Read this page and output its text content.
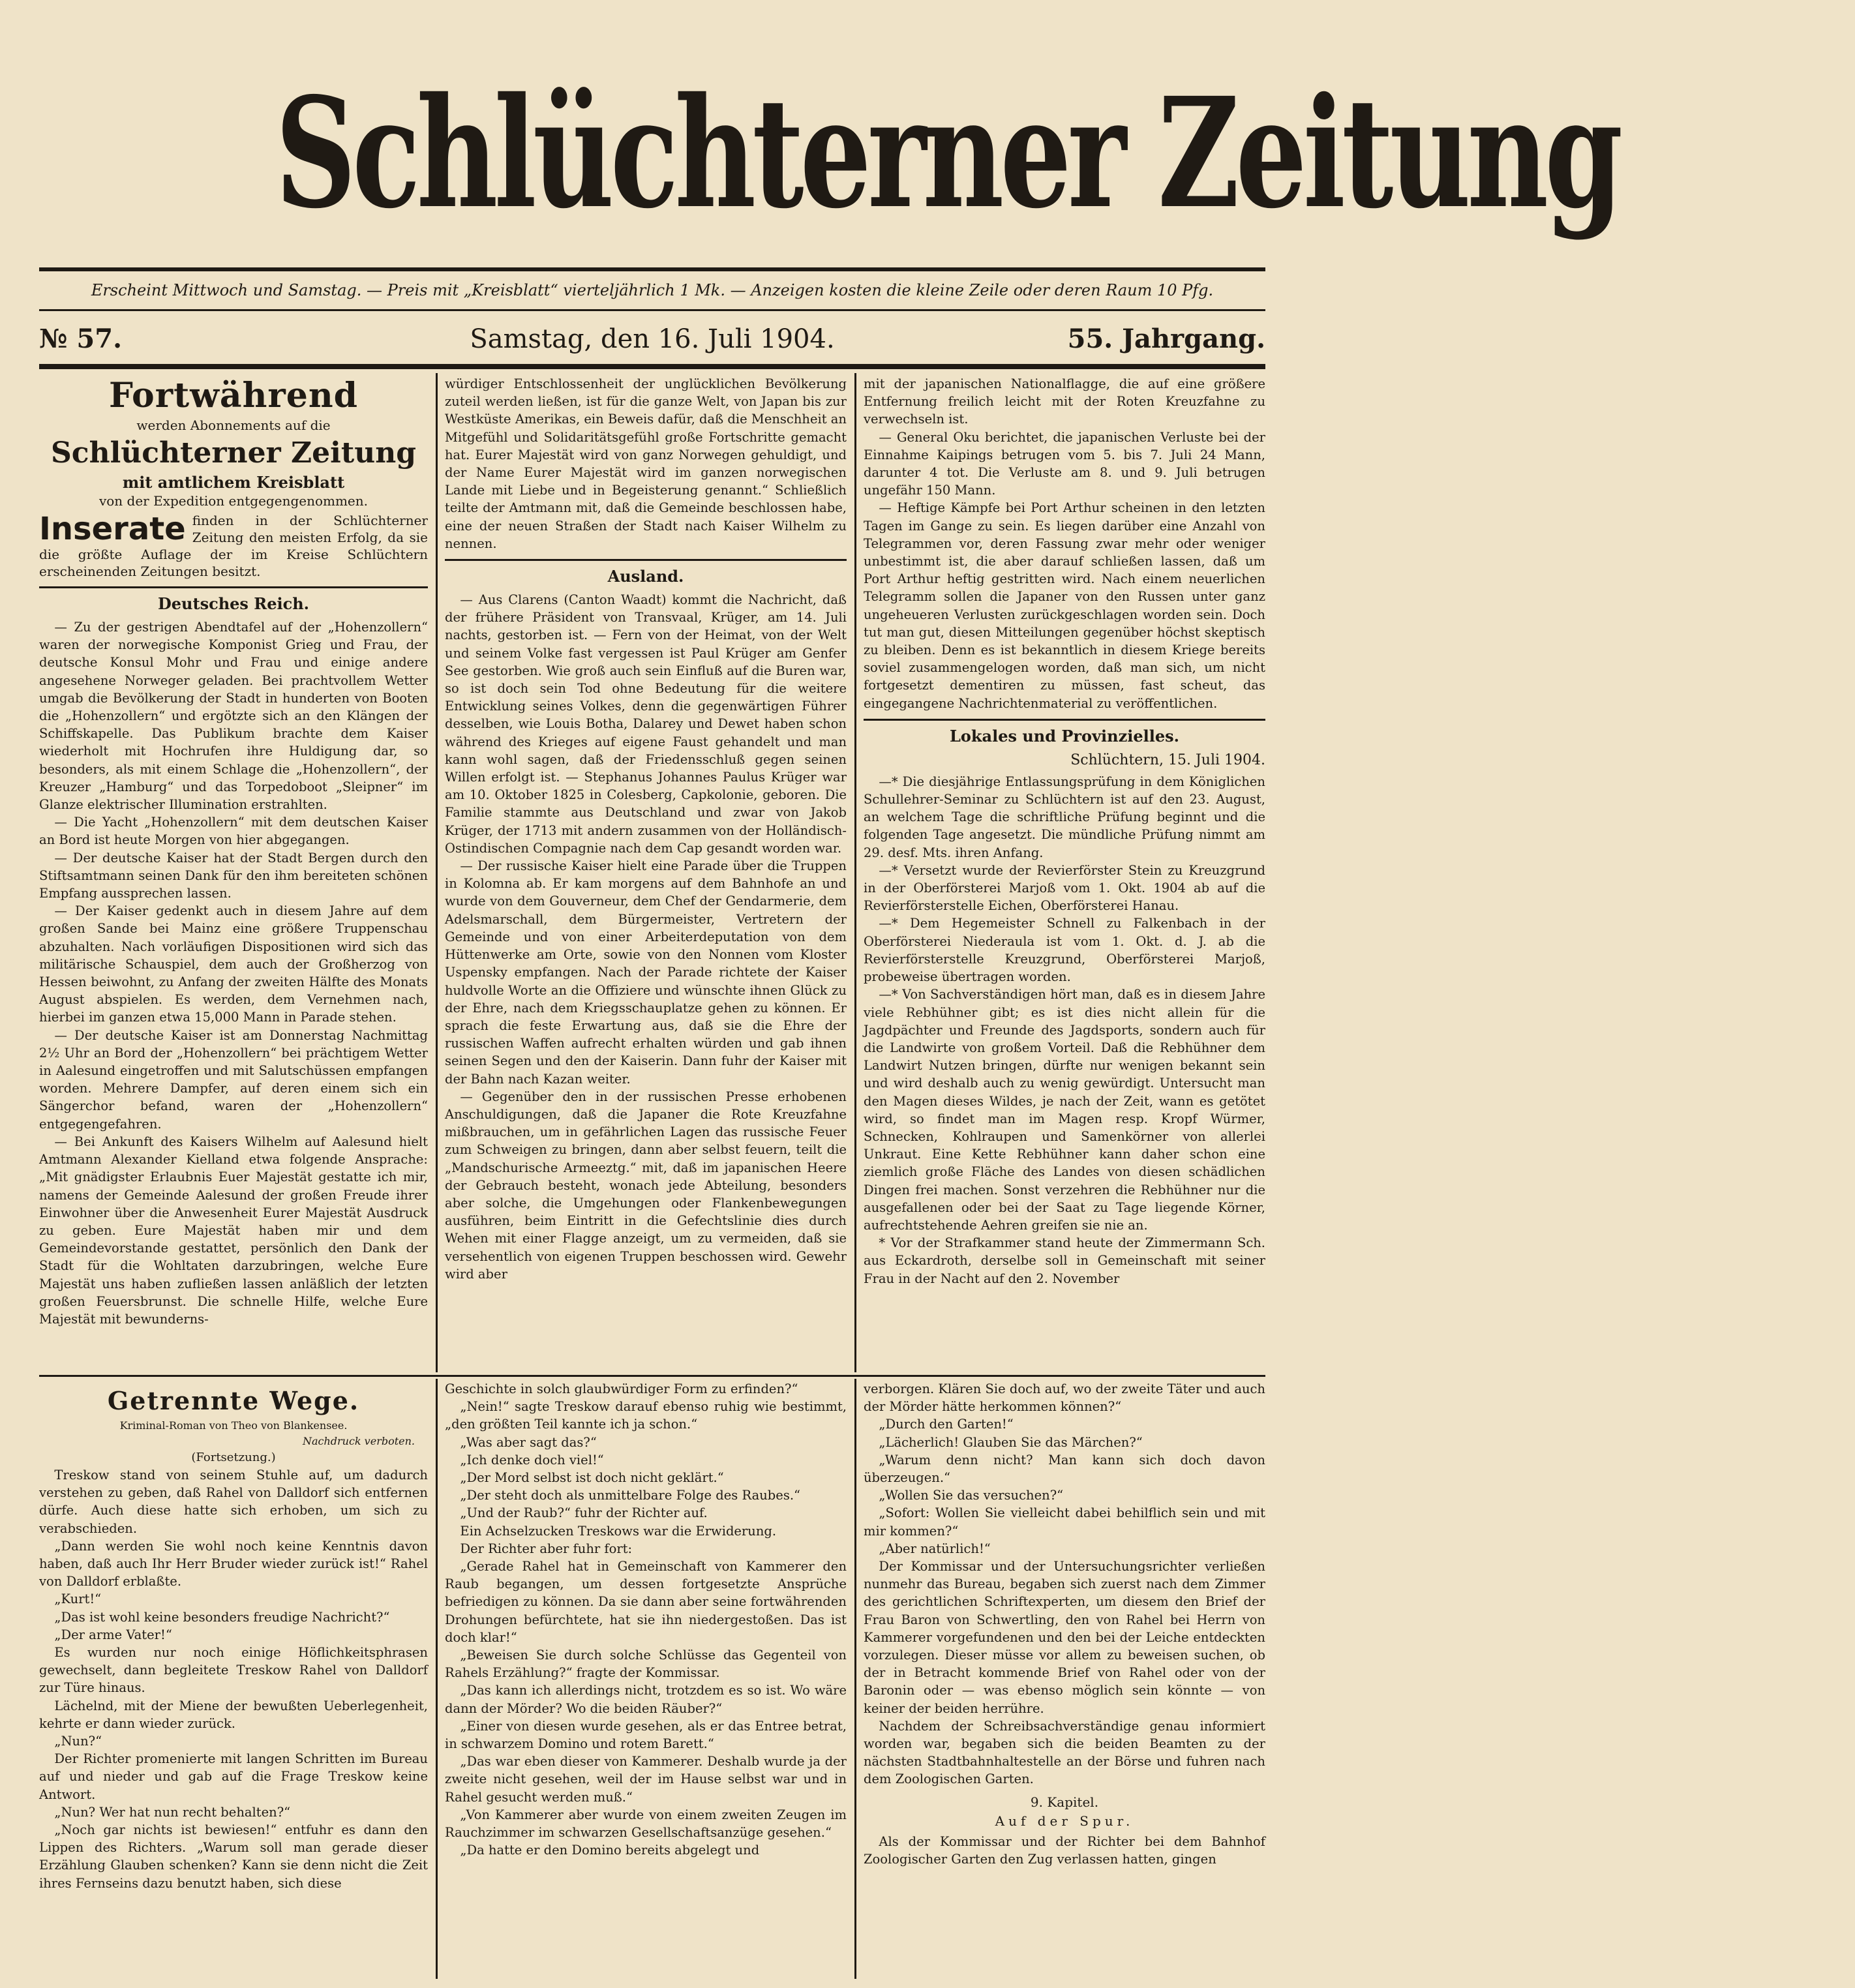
Schlüchterner Zeitung
Erscheint Mittwoch und Samstag. — Preis mit „Kreisblatt“ vierteljährlich 1 Mk. — Anzeigen kosten die kleine Zeile oder deren Raum 10 Pfg.
№ 57.	Samstag, den 16. Juli 1904.	55. Jahrgang.

Fortwährend

werden Abonnements auf die

Schlüchterner Zeitung

mit amtlichem Kreisblatt

von der Expedition entgegengenommen.

Inserate finden in der Schlüchterner Zeitung den meisten Erfolg, da sie die größte Auflage der im Kreise Schlüchtern erscheinenden Zeitungen besitzt.

Deutsches Reich.

— Zu der gestrigen Abendtafel auf der „Hohenzollern“ waren der norwegische Komponist Grieg und Frau, der deutsche Konsul Mohr und Frau und einige andere angesehene Norweger geladen. Bei prachtvollem Wetter umgab die Bevölkerung der Stadt in hunderten von Booten die „Hohenzollern“ und ergötzte sich an den Klängen der Schiffskapelle. Das Publikum brachte dem Kaiser wiederholt mit Hochrufen ihre Huldigung dar, so besonders, als mit einem Schlage die „Hohenzollern“, der Kreuzer „Hamburg“ und das Torpedoboot „Sleipner“ im Glanze elektrischer Illumination erstrahlten.

— Die Yacht „Hohenzollern“ mit dem deutschen Kaiser an Bord ist heute Morgen von hier abgegangen.

— Der deutsche Kaiser hat der Stadt Bergen durch den Stiftsamtmann seinen Dank für den ihm bereiteten schönen Empfang aussprechen lassen.

— Der Kaiser gedenkt auch in diesem Jahre auf dem großen Sande bei Mainz eine größere Truppenschau abzuhalten. Nach vorläufigen Dispositionen wird sich das militärische Schauspiel, dem auch der Großherzog von Hessen beiwohnt, zu Anfang der zweiten Hälfte des Monats August abspielen. Es werden, dem Vernehmen nach, hierbei im ganzen etwa 15,000 Mann in Parade stehen.

— Der deutsche Kaiser ist am Donnerstag Nachmittag 2½ Uhr an Bord der „Hohenzollern“ bei prächtigem Wetter in Aalesund eingetroffen und mit Salutschüssen empfangen worden. Mehrere Dampfer, auf deren einem sich ein Sängerchor befand, waren der „Hohenzollern“ entgegengefahren.

— Bei Ankunft des Kaisers Wilhelm auf Aalesund hielt Amtmann Alexander Kielland etwa folgende Ansprache: „Mit gnädigster Erlaubnis Euer Majestät gestatte ich mir, namens der Gemeinde Aalesund der großen Freude ihrer Einwohner über die Anwesenheit Eurer Majestät Ausdruck zu geben. Eure Majestät haben mir und dem Gemeindevorstande gestattet, persönlich den Dank der Stadt für die Wohltaten darzubringen, welche Eure Majestät uns haben zufließen lassen anläßlich der letzten großen Feuersbrunst. Die schnelle Hilfe, welche Eure Majestät mit bewunderns-

würdiger Entschlossenheit der unglücklichen Bevölkerung zuteil werden ließen, ist für die ganze Welt, von Japan bis zur Westküste Amerikas, ein Beweis dafür, daß die Menschheit an Mitgefühl und Solidaritätsgefühl große Fortschritte gemacht hat. Eurer Majestät wird von ganz Norwegen gehuldigt, und der Name Eurer Majestät wird im ganzen norwegischen Lande mit Liebe und in Begeisterung genannt.“ Schließlich teilte der Amtmann mit, daß die Gemeinde beschlossen habe, eine der neuen Straßen der Stadt nach Kaiser Wilhelm zu nennen.

Ausland.

— Aus Clarens (Canton Waadt) kommt die Nachricht, daß der frühere Präsident von Transvaal, Krüger, am 14. Juli nachts, gestorben ist. — Fern von der Heimat, von der Welt und seinem Volke fast vergessen ist Paul Krüger am Genfer See gestorben. Wie groß auch sein Einfluß auf die Buren war, so ist doch sein Tod ohne Bedeutung für die weitere Entwicklung seines Volkes, denn die gegenwärtigen Führer desselben, wie Louis Botha, Dalarey und Dewet haben schon während des Krieges auf eigene Faust gehandelt und man kann wohl sagen, daß der Friedensschluß gegen seinen Willen erfolgt ist. — Stephanus Johannes Paulus Krüger war am 10. Oktober 1825 in Colesberg, Capkolonie, geboren. Die Familie stammte aus Deutschland und zwar von Jakob Krüger, der 1713 mit andern zusammen von der Holländisch-Ostindischen Compagnie nach dem Cap gesandt worden war.

— Der russische Kaiser hielt eine Parade über die Truppen in Kolomna ab. Er kam morgens auf dem Bahnhofe an und wurde von dem Gouverneur, dem Chef der Gendarmerie, dem Adelsmarschall, dem Bürgermeister, Vertretern der Gemeinde und von einer Arbeiterdeputation von dem Hüttenwerke am Orte, sowie von den Nonnen vom Kloster Uspensky empfangen. Nach der Parade richtete der Kaiser huldvolle Worte an die Offiziere und wünschte ihnen Glück zu der Ehre, nach dem Kriegsschauplatze gehen zu können. Er sprach die feste Erwartung aus, daß sie die Ehre der russischen Waffen aufrecht erhalten würden und gab ihnen seinen Segen und den der Kaiserin. Dann fuhr der Kaiser mit der Bahn nach Kazan weiter.

— Gegenüber den in der russischen Presse erhobenen Anschuldigungen, daß die Japaner die Rote Kreuzfahne mißbrauchen, um in gefährlichen Lagen das russische Feuer zum Schweigen zu bringen, dann aber selbst feuern, teilt die „Mandschurische Armeeztg.“ mit, daß im japanischen Heere der Gebrauch besteht, wonach jede Abteilung, besonders aber solche, die Umgehungen oder Flankenbewegungen ausführen, beim Eintritt in die Gefechtslinie dies durch Wehen mit einer Flagge anzeigt, um zu vermeiden, daß sie versehentlich von eigenen Truppen beschossen wird. Gewehr wird aber

mit der japanischen Nationalflagge, die auf eine größere Entfernung freilich leicht mit der Roten Kreuzfahne zu verwechseln ist.

— General Oku berichtet, die japanischen Verluste bei der Einnahme Kaipings betrugen vom 5. bis 7. Juli 24 Mann, darunter 4 tot. Die Verluste am 8. und 9. Juli betrugen ungefähr 150 Mann.

— Heftige Kämpfe bei Port Arthur scheinen in den letzten Tagen im Gange zu sein. Es liegen darüber eine Anzahl von Telegrammen vor, deren Fassung zwar mehr oder weniger unbestimmt ist, die aber darauf schließen lassen, daß um Port Arthur heftig gestritten wird. Nach einem neuerlichen Telegramm sollen die Japaner von den Russen unter ganz ungeheueren Verlusten zurückgeschlagen worden sein. Doch tut man gut, diesen Mitteilungen gegenüber höchst skeptisch zu bleiben. Denn es ist bekanntlich in diesem Kriege bereits soviel zusammengelogen worden, daß man sich, um nicht fortgesetzt dementiren zu müssen, fast scheut, das eingegangene Nachrichtenmaterial zu veröffentlichen.

Lokales und Provinzielles.

Schlüchtern, 15. Juli 1904.

—* Die diesjährige Entlassungsprüfung in dem Königlichen Schullehrer-Seminar zu Schlüchtern ist auf den 23. August, an welchem Tage die schriftliche Prüfung beginnt und die folgenden Tage angesetzt. Die mündliche Prüfung nimmt am 29. desf. Mts. ihren Anfang.

—* Versetzt wurde der Revierförster Stein zu Kreuzgrund in der Oberförsterei Marjoß vom 1. Okt. 1904 ab auf die Revierförsterstelle Eichen, Oberförsterei Hanau.

—* Dem Hegemeister Schnell zu Falkenbach in der Oberförsterei Niederaula ist vom 1. Okt. d. J. ab die Revierförsterstelle Kreuzgrund, Oberförsterei Marjoß, probeweise übertragen worden.

—* Von Sachverständigen hört man, daß es in diesem Jahre viele Rebhühner gibt; es ist dies nicht allein für die Jagdpächter und Freunde des Jagdsports, sondern auch für die Landwirte von großem Vorteil. Daß die Rebhühner dem Landwirt Nutzen bringen, dürfte nur wenigen bekannt sein und wird deshalb auch zu wenig gewürdigt. Untersucht man den Magen dieses Wildes, je nach der Zeit, wann es getötet wird, so findet man im Magen resp. Kropf Würmer, Schnecken, Kohlraupen und Samenkörner von allerlei Unkraut. Eine Kette Rebhühner kann daher schon eine ziemlich große Fläche des Landes von diesen schädlichen Dingen frei machen. Sonst verzehren die Rebhühner nur die ausgefallenen oder bei der Saat zu Tage liegende Körner, aufrechtstehende Aehren greifen sie nie an.

* Vor der Strafkammer stand heute der Zimmermann Sch. aus Eckardroth, derselbe soll in Gemeinschaft mit seiner Frau in der Nacht auf den 2. November

Getrennte Wege.

Kriminal-Roman von Theo von Blankensee.

Nachdruck verboten.

(Fortsetzung.)

Treskow stand von seinem Stuhle auf, um dadurch verstehen zu geben, daß Rahel von Dalldorf sich entfernen dürfe. Auch diese hatte sich erhoben, um sich zu verabschieden.

„Dann werden Sie wohl noch keine Kenntnis davon haben, daß auch Ihr Herr Bruder wieder zurück ist!“ Rahel von Dalldorf erblaßte.

„Kurt!“

„Das ist wohl keine besonders freudige Nachricht?“

„Der arme Vater!“

Es wurden nur noch einige Höflichkeitsphrasen gewechselt, dann begleitete Treskow Rahel von Dalldorf zur Türe hinaus.

Lächelnd, mit der Miene der bewußten Ueberlegenheit, kehrte er dann wieder zurück.

„Nun?“

Der Richter promenierte mit langen Schritten im Bureau auf und nieder und gab auf die Frage Treskow keine Antwort.

„Nun? Wer hat nun recht behalten?“

„Noch gar nichts ist bewiesen!“ entfuhr es dann den Lippen des Richters. „Warum soll man gerade dieser Erzählung Glauben schenken? Kann sie denn nicht die Zeit ihres Fernseins dazu benutzt haben, sich diese

Geschichte in solch glaubwürdiger Form zu erfinden?“

„Nein!“ sagte Treskow darauf ebenso ruhig wie bestimmt, „den größten Teil kannte ich ja schon.“

„Was aber sagt das?“

„Ich denke doch viel!“

„Der Mord selbst ist doch nicht geklärt.“

„Der steht doch als unmittelbare Folge des Raubes.“

„Und der Raub?“ fuhr der Richter auf.

Ein Achselzucken Treskows war die Erwiderung.

Der Richter aber fuhr fort:

„Gerade Rahel hat in Gemeinschaft von Kammerer den Raub begangen, um dessen fortgesetzte Ansprüche befriedigen zu können. Da sie dann aber seine fortwährenden Drohungen befürchtete, hat sie ihn niedergestoßen. Das ist doch klar!“

„Beweisen Sie durch solche Schlüsse das Gegenteil von Rahels Erzählung?“ fragte der Kommissar.

„Das kann ich allerdings nicht, trotzdem es so ist. Wo wäre dann der Mörder? Wo die beiden Räuber?“

„Einer von diesen wurde gesehen, als er das Entree betrat, in schwarzem Domino und rotem Barett.“

„Das war eben dieser von Kammerer. Deshalb wurde ja der zweite nicht gesehen, weil der im Hause selbst war und in Rahel gesucht werden muß.“

„Von Kammerer aber wurde von einem zweiten Zeugen im Rauchzimmer im schwarzen Gesellschaftsanzüge gesehen.“

„Da hatte er den Domino bereits abgelegt und

verborgen. Klären Sie doch auf, wo der zweite Täter und auch der Mörder hätte herkommen können?“

„Durch den Garten!“

„Lächerlich! Glauben Sie das Märchen?“

„Warum denn nicht? Man kann sich doch davon überzeugen.“

„Wollen Sie das versuchen?“

„Sofort: Wollen Sie vielleicht dabei behilflich sein und mit mir kommen?“

„Aber natürlich!“

Der Kommissar und der Untersuchungsrichter verließen nunmehr das Bureau, begaben sich zuerst nach dem Zimmer des gerichtlichen Schriftexperten, um diesem den Brief der Frau Baron von Schwertling, den von Rahel bei Herrn von Kammerer vorgefundenen und den bei der Leiche entdeckten vorzulegen. Dieser müsse vor allem zu beweisen suchen, ob der in Betracht kommende Brief von Rahel oder von der Baronin oder — was ebenso möglich sein könnte — von keiner der beiden herrühre.

Nachdem der Schreibsachverständige genau informiert worden war, begaben sich die beiden Beamten zu der nächsten Stadtbahnhaltestelle an der Börse und fuhren nach dem Zoologischen Garten.

9. Kapitel.

Auf der Spur.

Als der Kommissar und der Richter bei dem Bahnhof Zoologischer Garten den Zug verlassen hatten, gingen
